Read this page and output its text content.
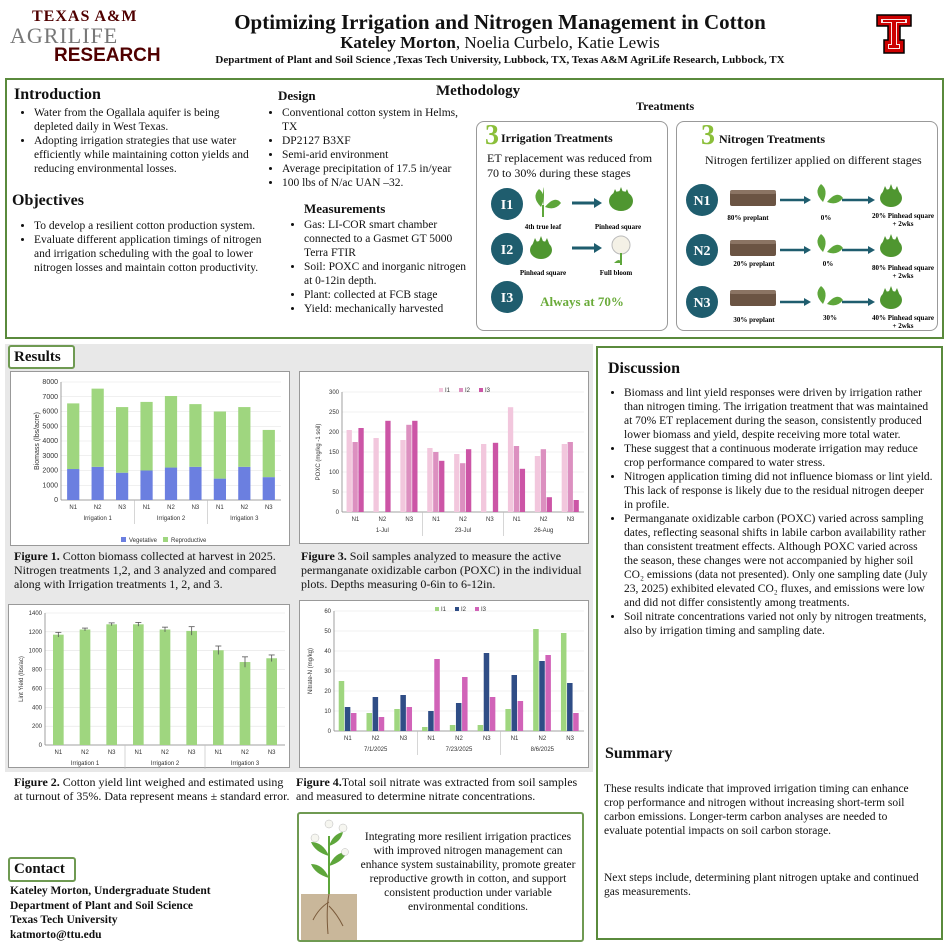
TEXAS A&M
AGRILIFE
RESEARCH
Optimizing Irrigation and Nitrogen Management in Cotton
Kateley Morton, Noelia Curbelo, Katie Lewis
Department of Plant and Soil Science ,Texas Tech University, Lubbock, TX, Texas A&M AgriLife Research, Lubbock, TX
Introduction
• Water from the Ogallala aquifer is being depleted daily in West Texas.
• Adopting irrigation strategies that use water efficiently while maintaining cotton yields and reducing environmental losses.
Objectives
• To develop a resilient cotton production system.
• Evaluate different application timings of nitrogen and irrigation scheduling with the goal to lower nitrogen losses and maintain cotton productivity.
Design
• Conventional cotton system in Helms, TX
• DP2127 B3XF
• Semi-arid environment
• Average precipitation of 17.5 in/year
• 100 lbs of N/ac UAN –32.
Measurements
• Gas: LI-COR smart chamber connected to a Gasmet GT 5000 Terra FTIR
• Soil: POXC and inorganic nitrogen at 0-12in depth.
• Plant: collected at FCB stage
• Yield: mechanically harvested
Methodology
Treatments
3 Irrigation Treatments
ET replacement was reduced from 70 to 30% during these stages
I1
I2
I3
4th true leaf	Pinhead square
Pinhead square	Full bloom
Always at 70%
3 Nitrogen Treatments
Nitrogen fertilizer applied on different stages
N1
N2
N3
80% preplant	0%	20% Pinhead square
+ 2wks
20% preplant	0%	80% Pinhead square
+ 2wks
30% preplant	30%	40% Pinhead square
+ 2wks
Results
0
1000
2000
3000
4000
5000
6000
7000
8000
Biomass (lbs/acre)
N1	N2	N3	N1	N2	N3	N1	N2	N3
Irrigation 1	Irrigation 2	Irrigation 3
Vegetative Reproductive
Figure 1. Cotton biomass collected at harvest in 2025. Nitrogen treatments 1,2, and 3 analyzed and compared along with Irrigation treatments 1, 2, and 3.
0
200
400
600
800
1000
1200
1400
Lint Yield (lbs/ac)
N1	N2	N3	N1	N2	N3	N1	N2	N3
Irrigation 1	Irrigation 2	Irrigation 3
Figure 2. Cotton yield lint weighed and estimated using at turnout of 35%. Data represent means ± standard error.
0
50
100
150
200
250
300
POXC (mg/kg -1 soil)
N1	N2	N3	N1	N2	N3	N1	N2	N3
1-Jul	23-Jul	26-Aug
I1 I2 I3
Figure 3. Soil samples analyzed to measure the active permanganate oxidizable carbon (POXC) in the individual plots. Depths measuring 0-6in to 6-12in.
0
10
20
30
40
50
60
Nitrate-N (mg/kg)
N1	N2	N3	N1	N2	N3	N1	N2	N3
7/1/2025	7/23/2025	8/6/2025
I1 I2 I3
Figure 4.Total soil nitrate was extracted from soil samples and measured to determine nitrate concentrations.
Integrating more resilient irrigation practices with improved nitrogen management can enhance system sustainability, promote greater reproductive growth in cotton, and support consistent production under variable environmental conditions.
Contact
Kateley Morton, Undergraduate Student
Department of Plant and Soil Science
Texas Tech University
katmorto@ttu.edu
Discussion
• Biomass and lint yield responses were driven by irrigation rather than nitrogen timing. The irrigation treatment that was maintained at 70% ET replacement during the season, consistently produced lower biomass and yield, despite receiving more total water.
• These suggest that a continuous moderate irrigation may reduce crop performance compared to water stress.
• Nitrogen application timing did not influence biomass or lint yield. This lack of response is likely due to the residual nitrogen deeper in profile.
• Permanganate oxidizable carbon (POXC) varied across sampling dates, reflecting seasonal shifts in labile carbon availability rather than consistent treatment effects. Although POXC varied across the season, these changes were not accompanied by higher soil CO₂ emissions (data not presented). Only one sampling date (July 23, 2025) exhibited elevated CO₂ fluxes, and emissions were low and did not differ consistently among treatments.
• Soil nitrate concentrations varied not only by nitrogen treatments, also by irrigation timing and sampling date.
Summary
These results indicate that improved irrigation timing can enhance crop performance and nitrogen without increasing short-term soil carbon emissions. Longer-term carbon analyses are needed to evaluate potential impacts on soil carbon storage.
Next steps include, determining plant nitrogen uptake and continued gas measurements.
